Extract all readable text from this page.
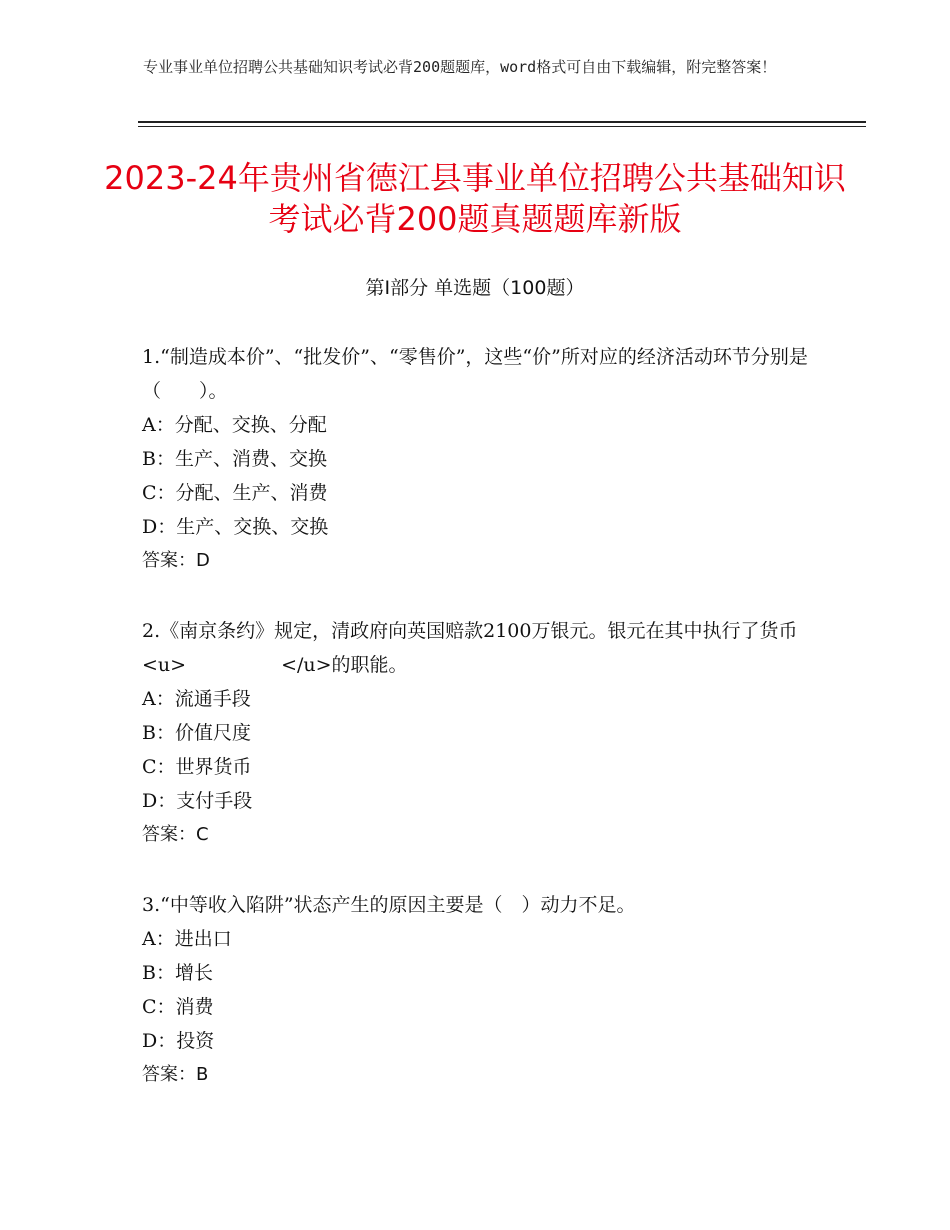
专业事业单位招聘公共基础知识考试必背200题题库，word格式可自由下载编辑，附完整答案！
2023-24年贵州省德江县事业单位招聘公共基础知识考试必背200题真题题库新版
第Ⅰ部分 单选题（100题）
1.“制造成本价”、“批发价”、“零售价”，这些“价”所对应的经济活动环节分别是（　　）。
A：分配、交换、分配
B：生产、消费、交换
C：分配、生产、消费
D：生产、交换、交换
答案：D
2.《南京条约》规定，清政府向英国赔款2100万银元。银元在其中执行了货币<u>　　　　　</u>的职能。
A：流通手段
B：价值尺度
C：世界货币
D：支付手段
答案：C
3.“中等收入陷阱”状态产生的原因主要是（　）动力不足。
A：进出口
B：增长
C：消费
D：投资
答案：B
